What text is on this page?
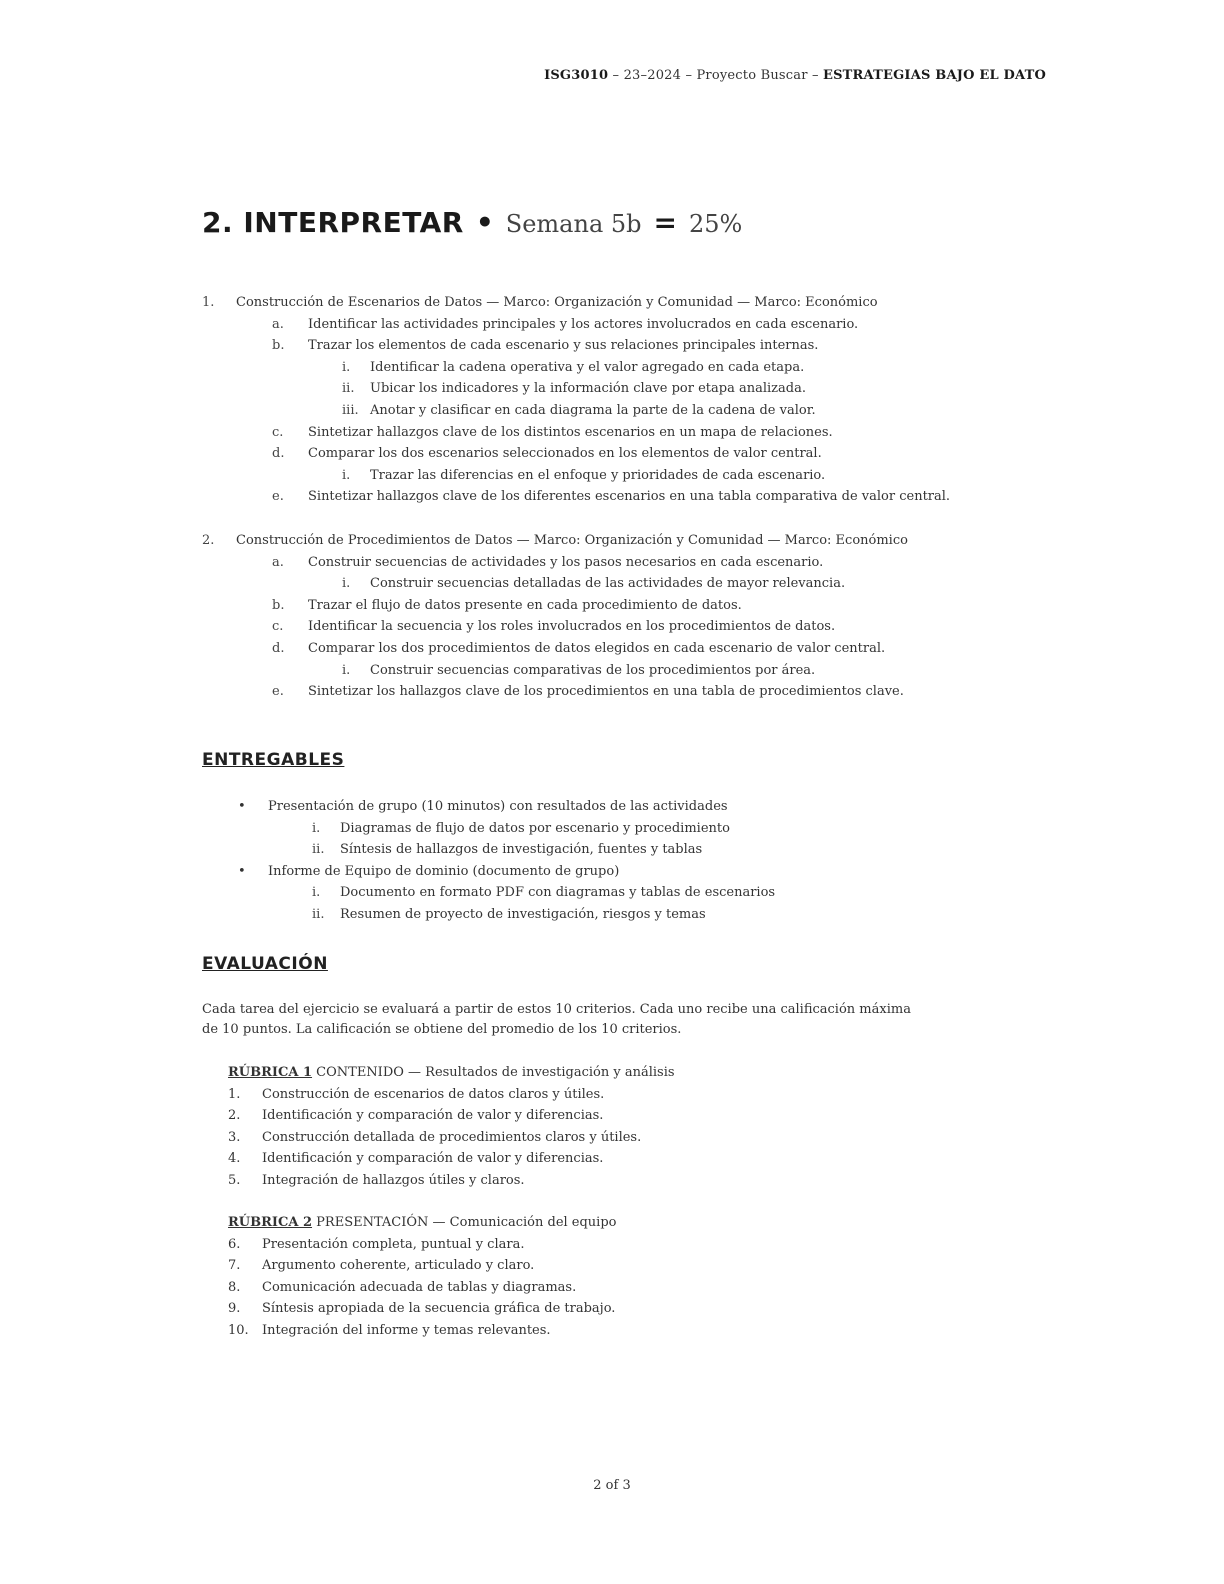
ISG3010 – 23–2024 – Proyecto Buscar – ESTRATEGIAS BAJO EL DATO
2. INTERPRETAR • Semana 5b = 25%
1. Construcción de Escenarios de Datos — Marco: Organización y Comunidad — Marco: Económico
a. Identificar las actividades principales y los actores involucrados en cada escenario.
b. Trazar los elementos de cada escenario y sus relaciones principales internas.
i. Identificar la cadena operativa y el valor agregado en cada etapa.
ii. Ubicar los indicadores y la información clave por etapa analizada.
iii. Anotar y clasificar en cada diagrama la parte de la cadena de valor.
c. Sintetizar hallazgos clave de los distintos escenarios en un mapa de relaciones.
d. Comparar los dos escenarios seleccionados en los elementos de valor central.
i. Trazar las diferencias en el enfoque y prioridades de cada escenario.
e. Sintetizar hallazgos clave de los diferentes escenarios en una tabla comparativa de valor central.
2. Construcción de Procedimientos de Datos — Marco: Organización y Comunidad — Marco: Económico
a. Construir secuencias de actividades y los pasos necesarios en cada escenario.
i. Construir secuencias detalladas de las actividades de mayor relevancia.
b. Trazar el flujo de datos presente en cada procedimiento de datos.
c. Identificar la secuencia y los roles involucrados en los procedimientos de datos.
d. Comparar los dos procedimientos de datos elegidos en cada escenario de valor central.
i. Construir secuencias comparativas de los procedimientos por área.
e. Sintetizar los hallazgos clave de los procedimientos en una tabla de procedimientos clave.
ENTREGABLES
• Presentación de grupo (10 minutos) con resultados de las actividades
i. Diagramas de flujo de datos por escenario y procedimiento
ii. Síntesis de hallazgos de investigación, fuentes y tablas
• Informe de Equipo de dominio (documento de grupo)
i. Documento en formato PDF con diagramas y tablas de escenarios
ii. Resumen de proyecto de investigación, riesgos y temas
EVALUACIÓN
Cada tarea del ejercicio se evaluará a partir de estos 10 criterios. Cada uno recibe una calificación máxima
de 10 puntos. La calificación se obtiene del promedio de los 10 criterios.
RÚBRICA 1 CONTENIDO — Resultados de investigación y análisis
1. Construcción de escenarios de datos claros y útiles.
2. Identificación y comparación de valor y diferencias.
3. Construcción detallada de procedimientos claros y útiles.
4. Identificación y comparación de valor y diferencias.
5. Integración de hallazgos útiles y claros.
RÚBRICA 2 PRESENTACIÓN — Comunicación del equipo
6. Presentación completa, puntual y clara.
7. Argumento coherente, articulado y claro.
8. Comunicación adecuada de tablas y diagramas.
9. Síntesis apropiada de la secuencia gráfica de trabajo.
10. Integración del informe y temas relevantes.
2 of 3
